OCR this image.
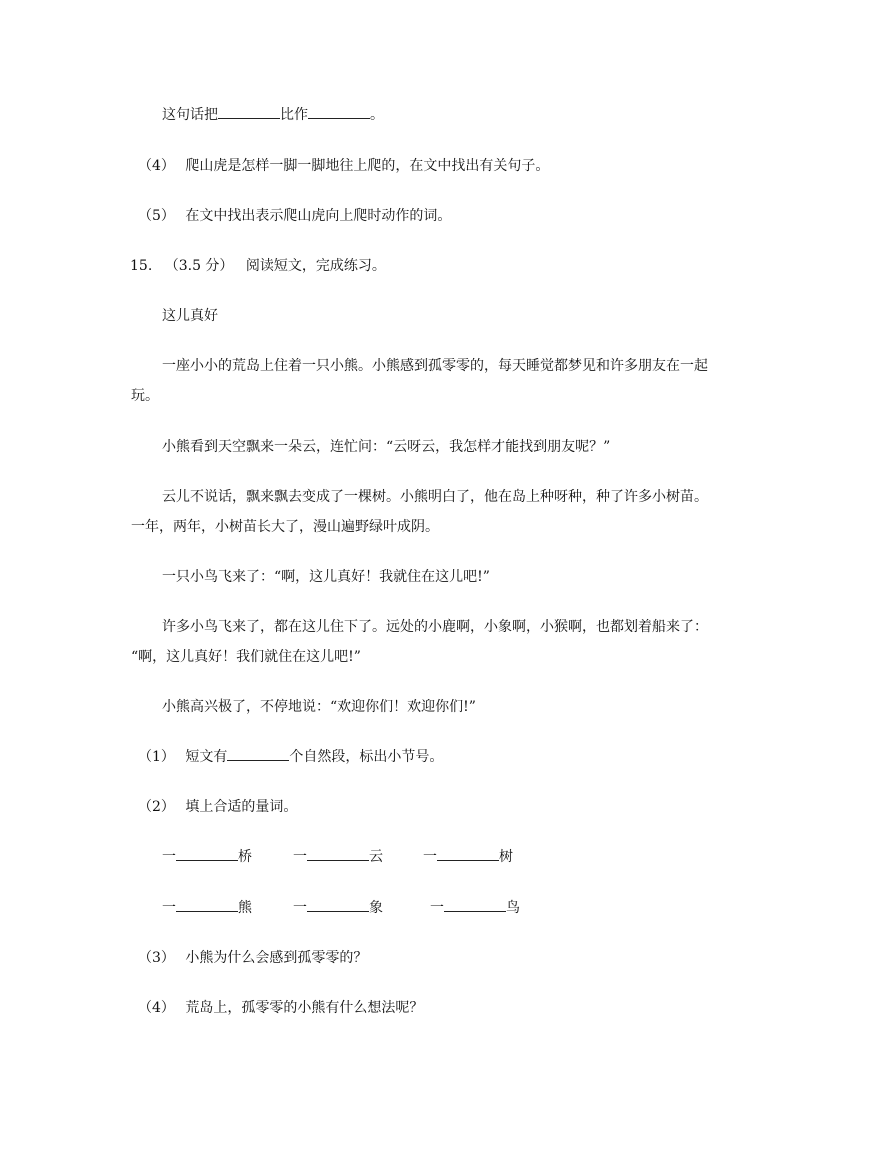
这句话把	比作	。
（4） 爬山虎是怎样一脚一脚地往上爬的，在文中找出有关句子。
（5） 在文中找出表示爬山虎向上爬时动作的词。
15. （3.5 分） 阅读短文，完成练习。
这儿真好
一座小小的荒岛上住着一只小熊。小熊感到孤零零的，每天睡觉都梦见和许多朋友在一起
玩。
小熊看到天空飘来一朵云，连忙问：“云呀云，我怎样才能找到朋友呢？”
云儿不说话，飘来飘去变成了一棵树。小熊明白了，他在岛上种呀种，种了许多小树苗。
一年，两年，小树苗长大了，漫山遍野绿叶成阴。
一只小鸟飞来了：“啊，这儿真好！我就住在这儿吧!”
许多小鸟飞来了，都在这儿住下了。远处的小鹿啊，小象啊，小猴啊，也都划着船来了：
“啊，这儿真好！我们就住在这儿吧!”
小熊高兴极了，不停地说：“欢迎你们！欢迎你们!”
（1） 短文有	个自然段，标出小节号。
（2） 填上合适的量词。
一	桥	一	云	一	树
一	熊	一	象	一	鸟
（3） 小熊为什么会感到孤零零的？
（4） 荒岛上，孤零零的小熊有什么想法呢？
